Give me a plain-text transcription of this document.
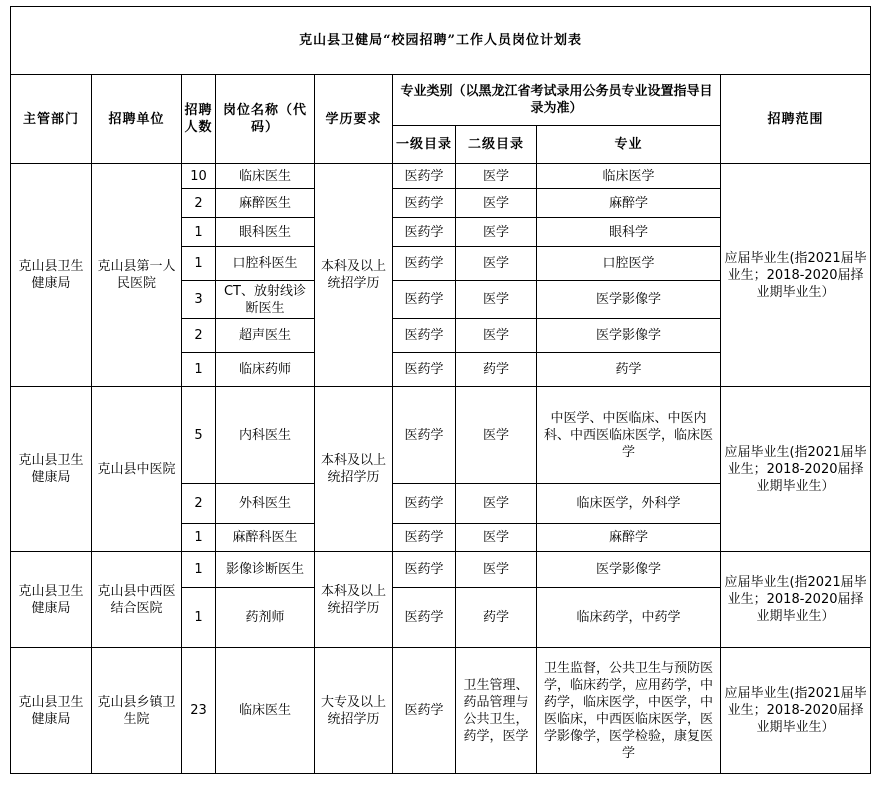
克山县卫健局“校园招聘”工作人员岗位计划表								
主管部门	招聘单位	招聘人数	岗位名称（代码）	学历要求	专业类别（以黑龙江省考试录用公务员专业设置指导目录为准）			招聘范围
					一级目录	二级目录	专业	
克山县卫生健康局	克山县第一人民医院	10	临床医生	本科及以上统招学历	医药学	医学	临床医学	应届毕业生(指2021届毕业生；2018-2020届择业期毕业生）
		2	麻醉医生		医药学	医学	麻醉学	
		1	眼科医生		医药学	医学	眼科学	
		1	口腔科医生		医药学	医学	口腔医学	
		3	CT、放射线诊断医生		医药学	医学	医学影像学	
		2	超声医生		医药学	医学	医学影像学	
		1	临床药师		医药学	药学	药学	
克山县卫生健康局	克山县中医院	5	内科医生	本科及以上统招学历	医药学	医学	中医学、中医临床、中医内科、中西医临床医学，临床医学	应届毕业生(指2021届毕业生；2018-2020届择业期毕业生）
		2	外科医生		医药学	医学	临床医学，外科学	
		1	麻醉科医生		医药学	医学	麻醉学	
克山县卫生健康局	克山县中西医结合医院	1	影像诊断医生	本科及以上统招学历	医药学	医学	医学影像学	应届毕业生(指2021届毕业生；2018-2020届择业期毕业生）
		1	药剂师		医药学	药学	临床药学，中药学	
克山县卫生健康局	克山县乡镇卫生院	23	临床医生	大专及以上统招学历	医药学	卫生管理、药品管理与公共卫生，药学，医学	卫生监督，公共卫生与预防医学，临床药学，应用药学，中药学，临床医学，中医学，中医临床，中西医临床医学，医学影像学，医学检验，康复医学	应届毕业生(指2021届毕业生；2018-2020届择业期毕业生）
